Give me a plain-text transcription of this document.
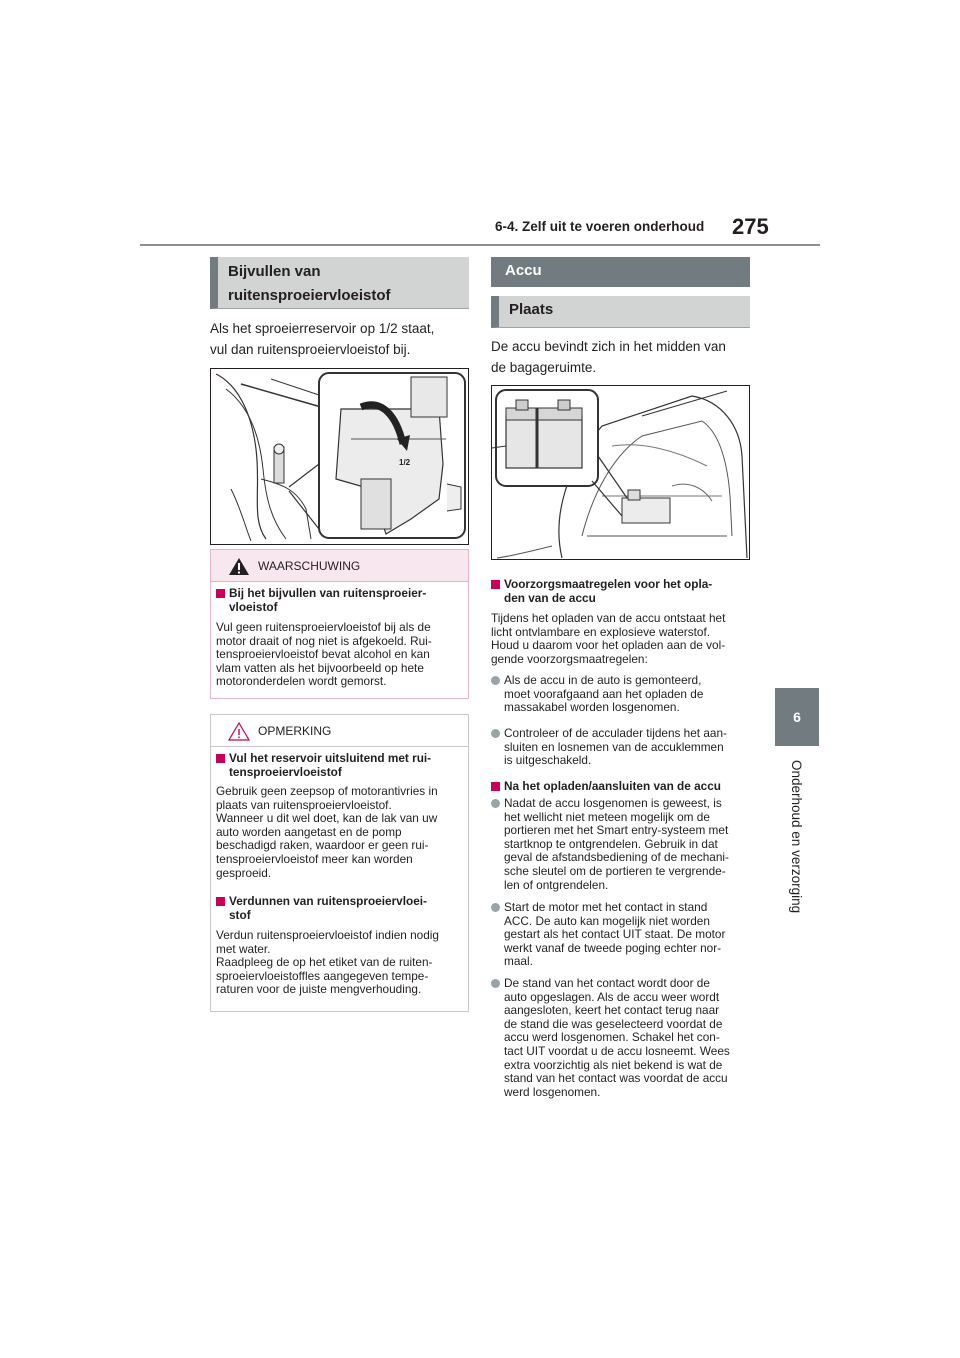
6-4. Zelf uit te voeren onderhoud 275
6
Onderhoud en verzorging
Bijvullen van
ruitensproeiervloeistof
Als het sproeierreservoir op 1/2 staat,
vul dan ruitensproeiervloeistof bij.
1/2
WAARSCHUWING
Bij het bijvullen van ruitensproeier-
vloeistof
Vul geen ruitensproeiervloeistof bij als de
motor draait of nog niet is afgekoeld. Rui-
tensproeiervloeistof bevat alcohol en kan
vlam vatten als het bijvoorbeeld op hete
motoronderdelen wordt gemorst.
OPMERKING
Vul het reservoir uitsluitend met rui-
tensproeiervloeistof
Gebruik geen zeepsop of motorantivries in
plaats van ruitensproeiervloeistof.
Wanneer u dit wel doet, kan de lak van uw
auto worden aangetast en de pomp
beschadigd raken, waardoor er geen rui-
tensproeiervloeistof meer kan worden
gesproeid.
Verdunnen van ruitensproeiervloei-
stof
Verdun ruitensproeiervloeistof indien nodig
met water.
Raadpleeg de op het etiket van de ruiten-
sproeiervloeistoffles aangegeven tempe-
raturen voor de juiste mengverhouding.
Accu
Plaats
De accu bevindt zich in het midden van
de bagageruimte.
Voorzorgsmaatregelen voor het opla-
den van de accu
Tijdens het opladen van de accu ontstaat het
licht ontvlambare en explosieve waterstof.
Houd u daarom voor het opladen aan de vol-
gende voorzorgsmaatregelen:
Als de accu in de auto is gemonteerd,
moet voorafgaand aan het opladen de
massakabel worden losgenomen.
Controleer of de acculader tijdens het aan-
sluiten en losnemen van de accuklemmen
is uitgeschakeld.
Na het opladen/aansluiten van de accu
Nadat de accu losgenomen is geweest, is
het wellicht niet meteen mogelijk om de
portieren met het Smart entry-systeem met
startknop te ontgrendelen. Gebruik in dat
geval de afstandsbediening of de mechani-
sche sleutel om de portieren te vergrende-
len of ontgrendelen.
Start de motor met het contact in stand
ACC. De auto kan mogelijk niet worden
gestart als het contact UIT staat. De motor
werkt vanaf de tweede poging echter nor-
maal.
De stand van het contact wordt door de
auto opgeslagen. Als de accu weer wordt
aangesloten, keert het contact terug naar
de stand die was geselecteerd voordat de
accu werd losgenomen. Schakel het con-
tact UIT voordat u de accu losneemt. Wees
extra voorzichtig als niet bekend is wat de
stand van het contact was voordat de accu
werd losgenomen.
